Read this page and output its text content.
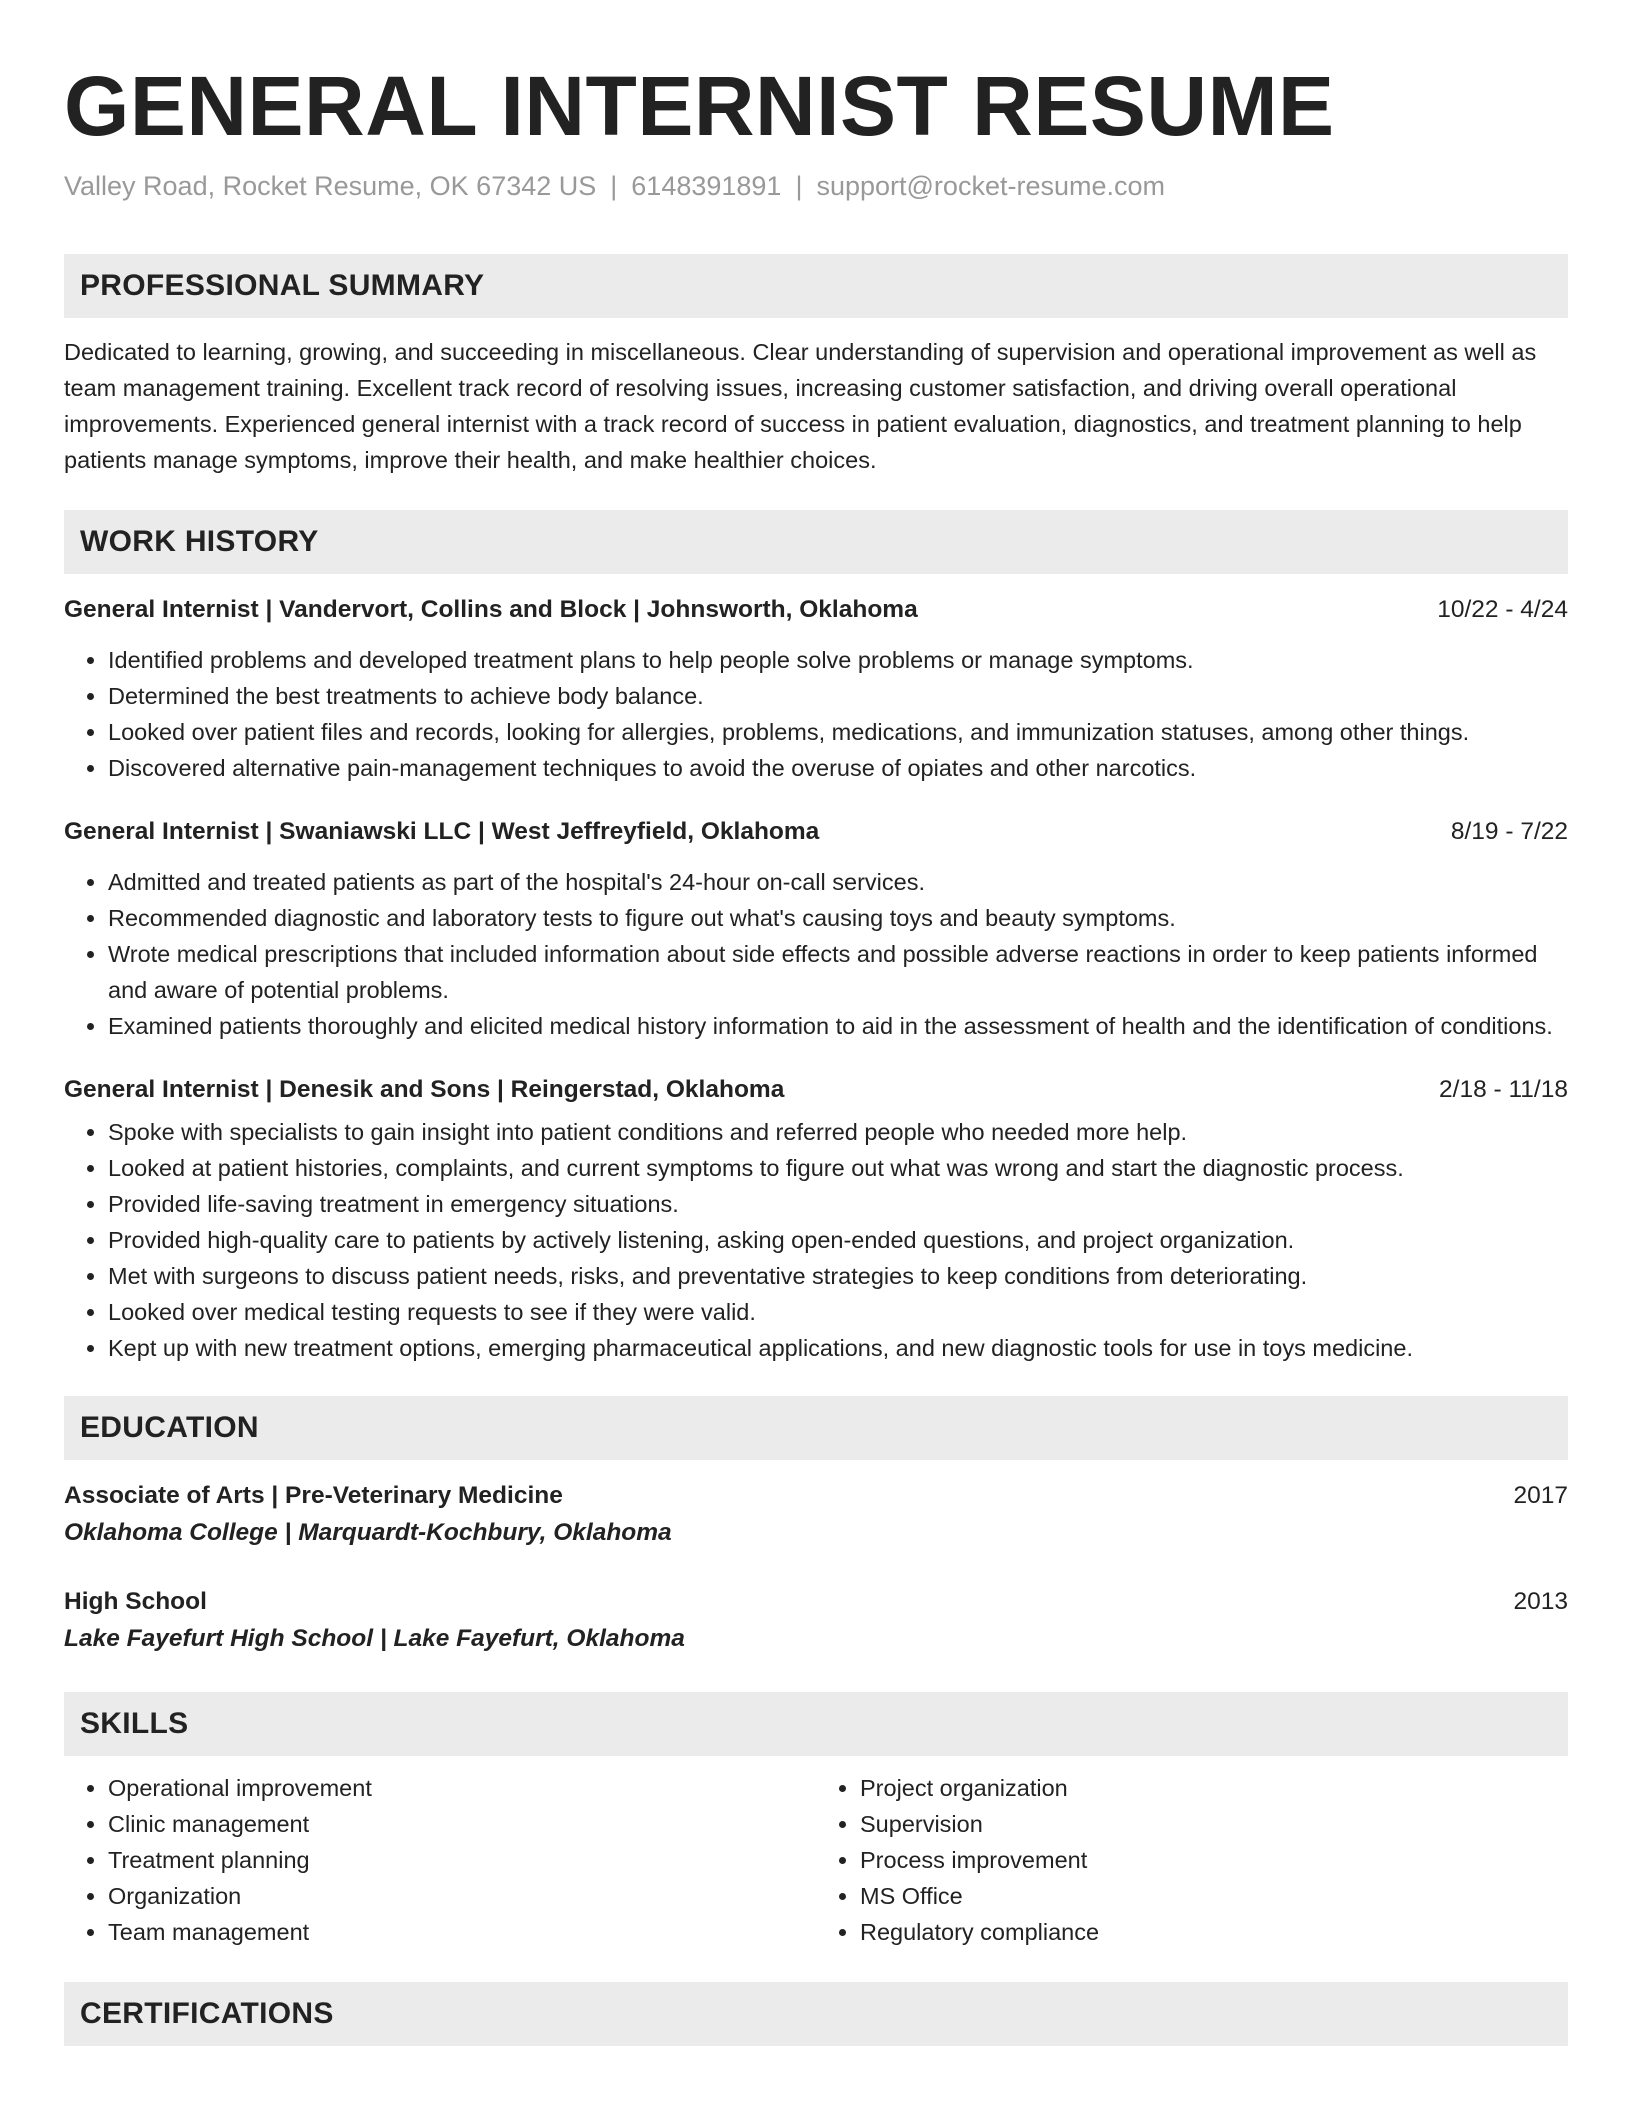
GENERAL INTERNIST RESUME
Valley Road, Rocket Resume, OK 67342 US | 6148391891 | support@rocket-resume.com
PROFESSIONAL SUMMARY

Dedicated to learning, growing, and succeeding in miscellaneous. Clear understanding of supervision and operational improvement as well as team management training. Excellent track record of resolving issues, increasing customer satisfaction, and driving overall operational improvements. Experienced general internist with a track record of success in patient evaluation, diagnostics, and treatment planning to help patients manage symptoms, improve their health, and make healthier choices.

WORK HISTORY
General Internist | Vandervort, Collins and Block | Johnsworth, Oklahoma	10/22 - 4/24
• Identified problems and developed treatment plans to help people solve problems or manage symptoms.
• Determined the best treatments to achieve body balance.
• Looked over patient files and records, looking for allergies, problems, medications, and immunization statuses, among other things.
• Discovered alternative pain-management techniques to avoid the overuse of opiates and other narcotics.
General Internist | Swaniawski LLC | West Jeffreyfield, Oklahoma	8/19 - 7/22
• Admitted and treated patients as part of the hospital's 24-hour on-call services.
• Recommended diagnostic and laboratory tests to figure out what's causing toys and beauty symptoms.
• Wrote medical prescriptions that included information about side effects and possible adverse reactions in order to keep patients informed and aware of potential problems.
• Examined patients thoroughly and elicited medical history information to aid in the assessment of health and the identification of conditions.
General Internist | Denesik and Sons | Reingerstad, Oklahoma	2/18 - 11/18
• Spoke with specialists to gain insight into patient conditions and referred people who needed more help.
• Looked at patient histories, complaints, and current symptoms to figure out what was wrong and start the diagnostic process.
• Provided life-saving treatment in emergency situations.
• Provided high-quality care to patients by actively listening, asking open-ended questions, and project organization.
• Met with surgeons to discuss patient needs, risks, and preventative strategies to keep conditions from deteriorating.
• Looked over medical testing requests to see if they were valid.
• Kept up with new treatment options, emerging pharmaceutical applications, and new diagnostic tools for use in toys medicine.
EDUCATION
Associate of Arts | Pre-Veterinary Medicine	2017
Oklahoma College | Marquardt-Kochbury, Oklahoma
High School	2013
Lake Fayefurt High School | Lake Fayefurt, Oklahoma
SKILLS
• Operational improvement
• Clinic management
• Treatment planning
• Organization
• Team management
• Project organization
• Supervision
• Process improvement
• MS Office
• Regulatory compliance
CERTIFICATIONS
